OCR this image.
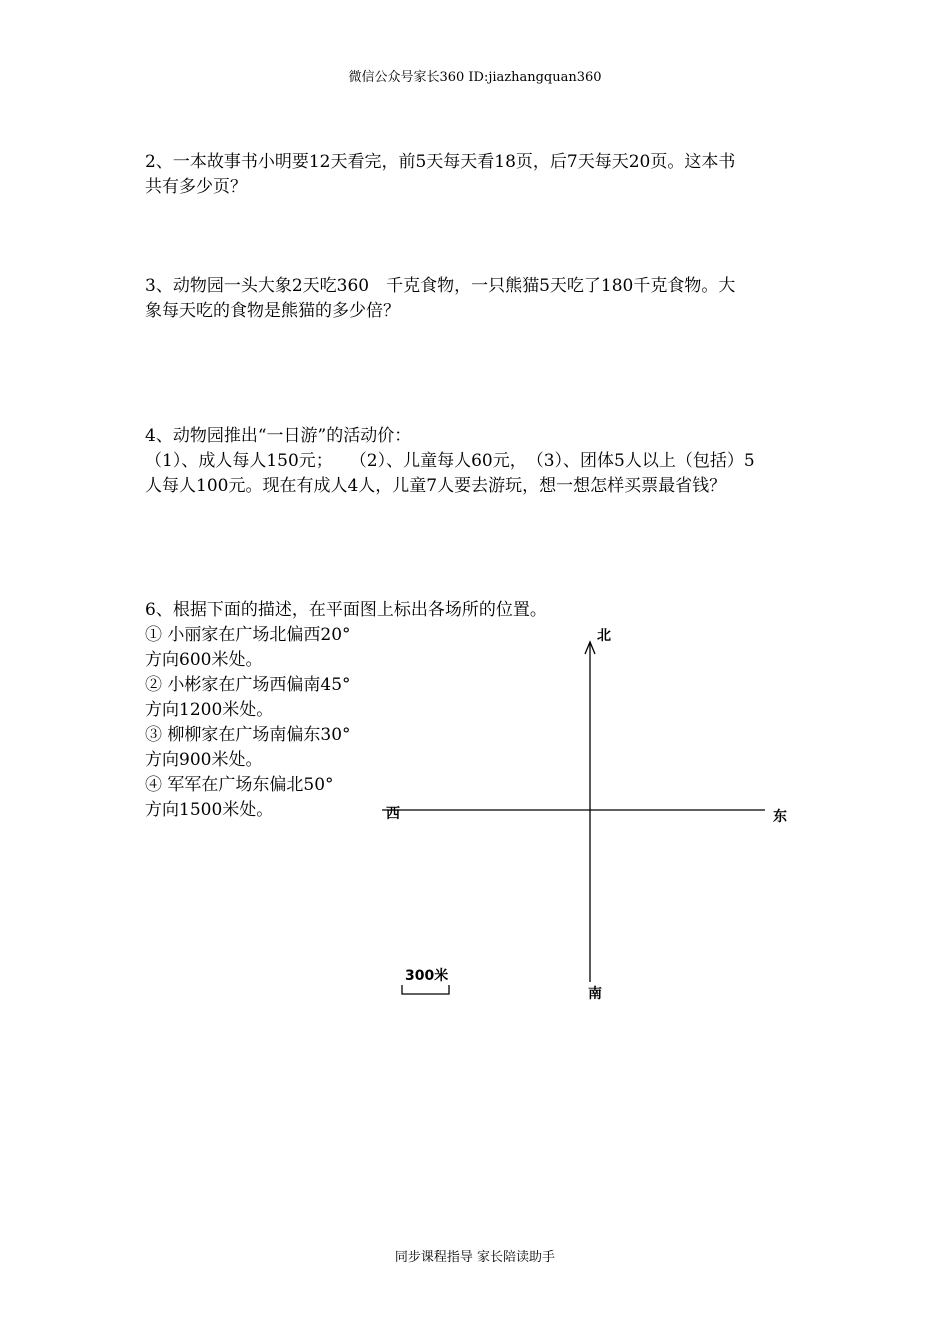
微信公众号家长360 ID:jiazhangquan360

2、一本故事书小明要12天看完，前5天每天看18页，后7天每天20页。这本书

共有多少页？

3、动物园一头大象2天吃360　千克食物，一只熊猫5天吃了180千克食物。大

象每天吃的食物是熊猫的多少倍？

4、动物园推出“一日游”的活动价：

（1）、成人每人150元；　　（2）、儿童每人60元，　（3）、团体5人以上（包括）5

人每人100元。现在有成人4人，儿童7人要去游玩，想一想怎样买票最省钱？

6、根据下面的描述，在平面图上标出各场所的位置。

① 小丽家在广场北偏西20°

方向600米处。

② 小彬家在广场西偏南45°

方向1200米处。

③ 柳柳家在广场南偏东30°

方向900米处。

④ 军军在广场东偏北50°

方向1500米处。

北
西	东
南
300米
同步课程指导 家长陪读助手
